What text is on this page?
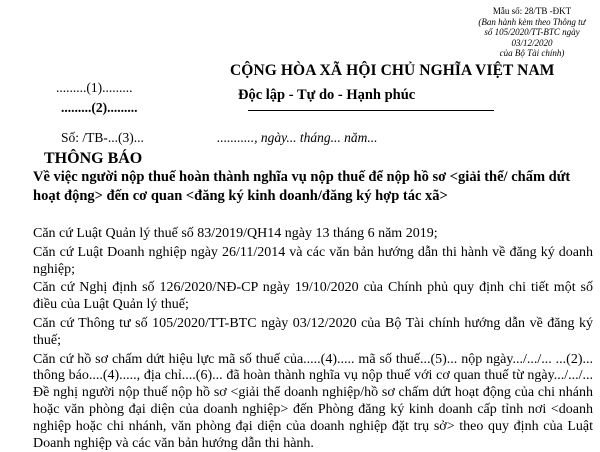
Mẫu số: 28/TB -ĐKT
(Ban hành kèm theo Thông tư
số 105/2020/TT-BTC ngày 03/12/2020
của Bộ Tài chính)
.........(1).........
.........(2).........
CỘNG HÒA XÃ HỘI CHỦ NGHĨA VIỆT NAM
Độc lập - Tự do - Hạnh phúc
Số: /TB-...(3)...	..........., ngày... tháng... năm...
THÔNG BÁO
Về việc người nộp thuế hoàn thành nghĩa vụ nộp thuế để nộp hồ sơ <giải thể/ chấm dứt hoạt động> đến cơ quan <đăng ký kinh doanh/đăng ký hợp tác xã>

Căn cứ Luật Quản lý thuế số 83/2019/QH14 ngày 13 tháng 6 năm 2019;

Căn cứ Luật Doanh nghiệp ngày 26/11/2014 và các văn bản hướng dẫn thi hành về đăng ký doanh nghiệp;

Căn cứ Nghị định số 126/2020/NĐ-CP ngày 19/10/2020 của Chính phủ quy định chi tiết một số điều của Luật Quản lý thuế;

Căn cứ Thông tư số 105/2020/TT-BTC ngày 03/12/2020 của Bộ Tài chính hướng dẫn về đăng ký thuế;

Căn cứ hồ sơ chấm dứt hiệu lực mã số thuế của.....(4)..... mã số thuế...(5)... nộp ngày.../.../... ...(2)... thông báo....(4)....., địa chỉ....(6)... đã hoàn thành nghĩa vụ nộp thuế với cơ quan thuế từ ngày.../.../... Đề nghị người nộp thuế nộp hồ sơ <giải thể doanh nghiệp/hồ sơ chấm dứt hoạt động của chi nhánh hoặc văn phòng đại diện của doanh nghiệp> đến Phòng đăng ký kinh doanh cấp tỉnh nơi <doanh nghiệp hoặc chi nhánh, văn phòng đại diện của doanh nghiệp đặt trụ sở> theo quy định của Luật Doanh nghiệp và các văn bản hướng dẫn thi hành.
